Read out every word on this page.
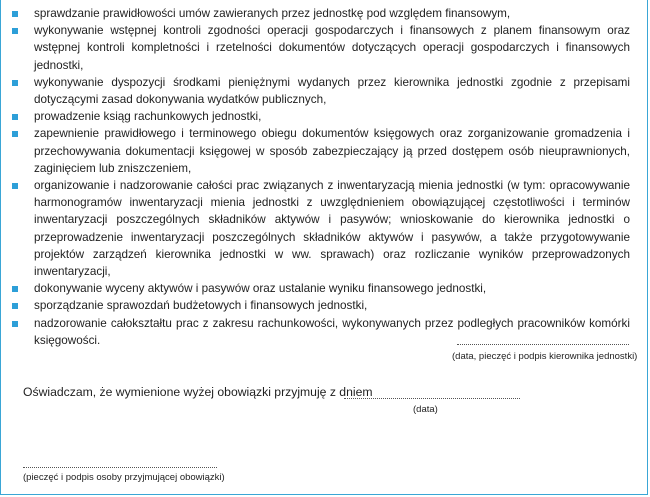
sprawdzanie prawidłowości umów zawieranych przez jednostkę pod względem finansowym,
wykonywanie wstępnej kontroli zgodności operacji gospodarczych i finansowych z planem finansowym oraz wstępnej kontroli kompletności i rzetelności dokumentów dotyczących operacji gospodarczych i finansowych jednostki,
wykonywanie dyspozycji środkami pieniężnymi wydanych przez kierownika jednostki zgodnie z przepisami dotyczącymi zasad dokonywania wydatków publicznych,
prowadzenie ksiąg rachunkowych jednostki,
zapewnienie prawidłowego i terminowego obiegu dokumentów księgowych oraz zorganizowanie gromadzenia i przechowywania dokumentacji księgowej w sposób zabezpieczający ją przed dostępem osób nieuprawnionych, zaginięciem lub zniszczeniem,
organizowanie i nadzorowanie całości prac związanych z inwentaryzacją mienia jednostki (w tym: opracowywanie harmonogramów inwentaryzacji mienia jednostki z uwzględnieniem obowiązującej częstotliwości i terminów inwentaryzacji poszczególnych składników aktywów i pasywów; wnioskowanie do kierownika jednostki o przeprowadzenie inwentaryzacji poszczególnych składników aktywów i pasywów, a także przygotowywanie projektów zarządzeń kierownika jednostki w ww. sprawach) oraz rozliczanie wyników przeprowadzonych inwentaryzacji,
dokonywanie wyceny aktywów i pasywów oraz ustalanie wyniku finansowego jednostki,
sporządzanie sprawozdań budżetowych i finansowych jednostki,
nadzorowanie całokształtu prac z zakresu rachunkowości, wykonywanych przez podległych pracowników komórki księgowości.
(data, pieczęć i podpis kierownika jednostki)
Oświadczam, że wymienione wyżej obowiązki przyjmuję z dniem
(data)
(pieczęć i podpis osoby przyjmującej obowiązki)
